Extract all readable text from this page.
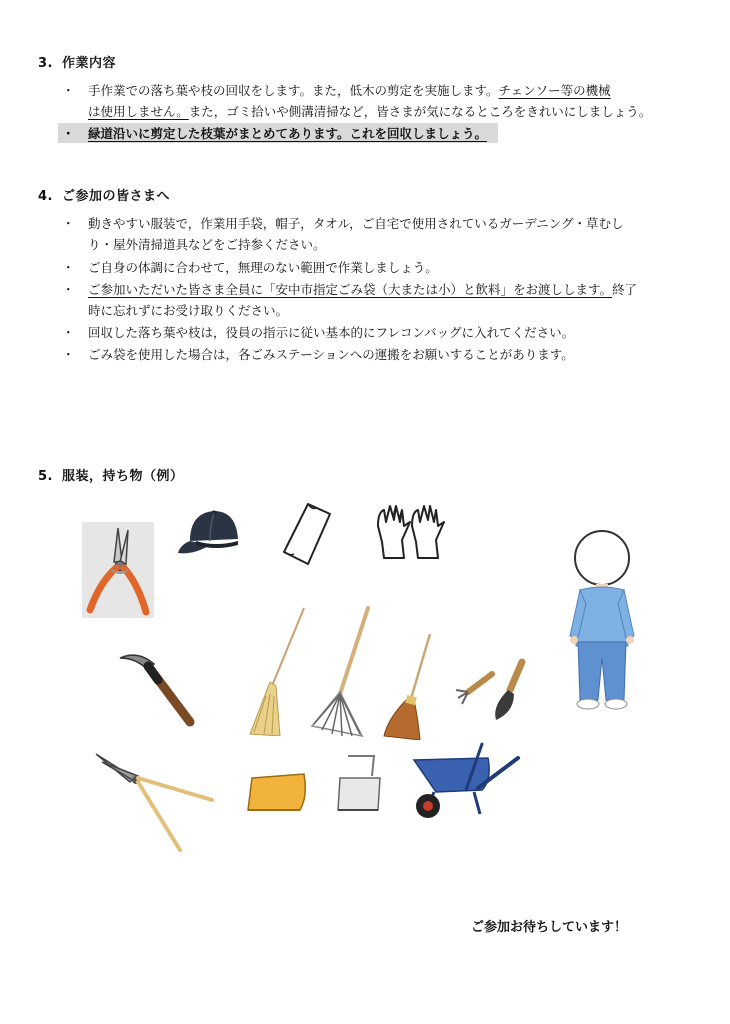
3. 作業内容
・	手作業での落ち葉や枝の回収をします。また，低木の剪定を実施します。チェンソー等の機械
は使用しません。また，ゴミ拾いや側溝清掃など，皆さまが気になるところをきれいにしましょう。
・	緑道沿いに剪定した枝葉がまとめてあります。これを回収しましょう。
4. ご参加の皆さまへ
・	動きやすい服装で，作業用手袋，帽子，タオル，ご自宅で使用されているガーデニング・草むし
り・屋外清掃道具などをご持参ください。
・	ご自身の体調に合わせて，無理のない範囲で作業しましょう。
・	ご参加いただいた皆さま全員に「安中市指定ごみ袋（大または小）と飲料」をお渡しします。終了
時に忘れずにお受け取りください。
・	回収した落ち葉や枝は，役員の指示に従い基本的にフレコンバッグに入れてください。
・	ごみ袋を使用した場合は，各ごみステーションへの運搬をお願いすることがあります。
5. 服装，持ち物（例）
ご参加お待ちしています！
